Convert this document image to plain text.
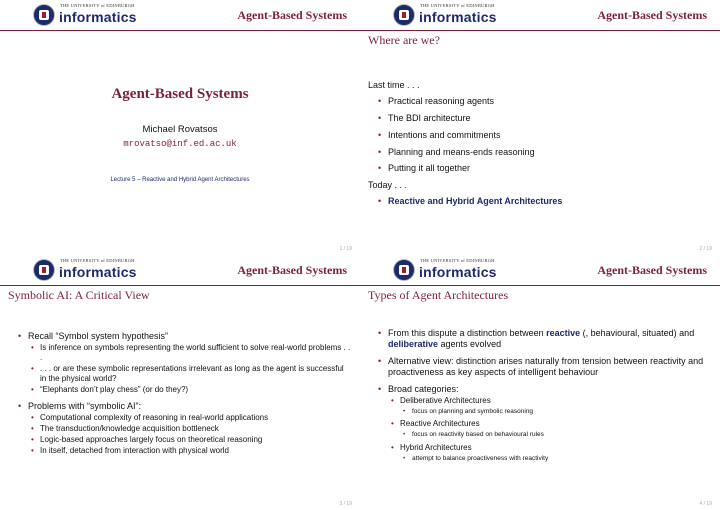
THE UNIVERSITY of EDINBURGH
informatics	Agent-Based Systems
Agent-Based Systems
Michael Rovatsos
mrovatso@inf.ed.ac.uk
Lecture 5 – Reactive and Hybrid Agent Architectures
1 / 19
THE UNIVERSITY of EDINBURGH
informatics	Agent-Based Systems
Where are we?
Last time . . .
• Practical reasoning agents
• The BDI architecture
• Intentions and commitments
• Planning and means-ends reasoning
• Putting it all together
Today . . .
• Reactive and Hybrid Agent Architectures
2 / 19
THE UNIVERSITY of EDINBURGH
informatics	Agent-Based Systems
Symbolic AI: A Critical View
• Recall “Symbol system hypothesis”
• Is inference on symbols representing the world sufficient to solve real-world problems . . .
• . . . or are these symbolic representations irrelevant as long as the agent is successful in the physical world?
• “Elephants don’t play chess” (or do they?)
• Problems with “symbolic AI”:
• Computational complexity of reasoning in real-world applications
• The transduction/knowledge acquisition bottleneck
• Logic-based approaches largely focus on theoretical reasoning
• In itself, detached from interaction with physical world
3 / 19
THE UNIVERSITY of EDINBURGH
informatics	Agent-Based Systems
Types of Agent Architectures
• From this dispute a distinction between reactive (, behavioural, situated) and deliberative agents evolved
• Alternative view: distinction arises naturally from tension between reactivity and proactiveness as key aspects of intelligent behaviour
• Broad categories:
• Deliberative Architectures
• focus on planning and symbolic reasoning
• Reactive Architectures
• focus on reactivity based on behavioural rules
• Hybrid Architectures
• attempt to balance proactiveness with reactivity
4 / 19
